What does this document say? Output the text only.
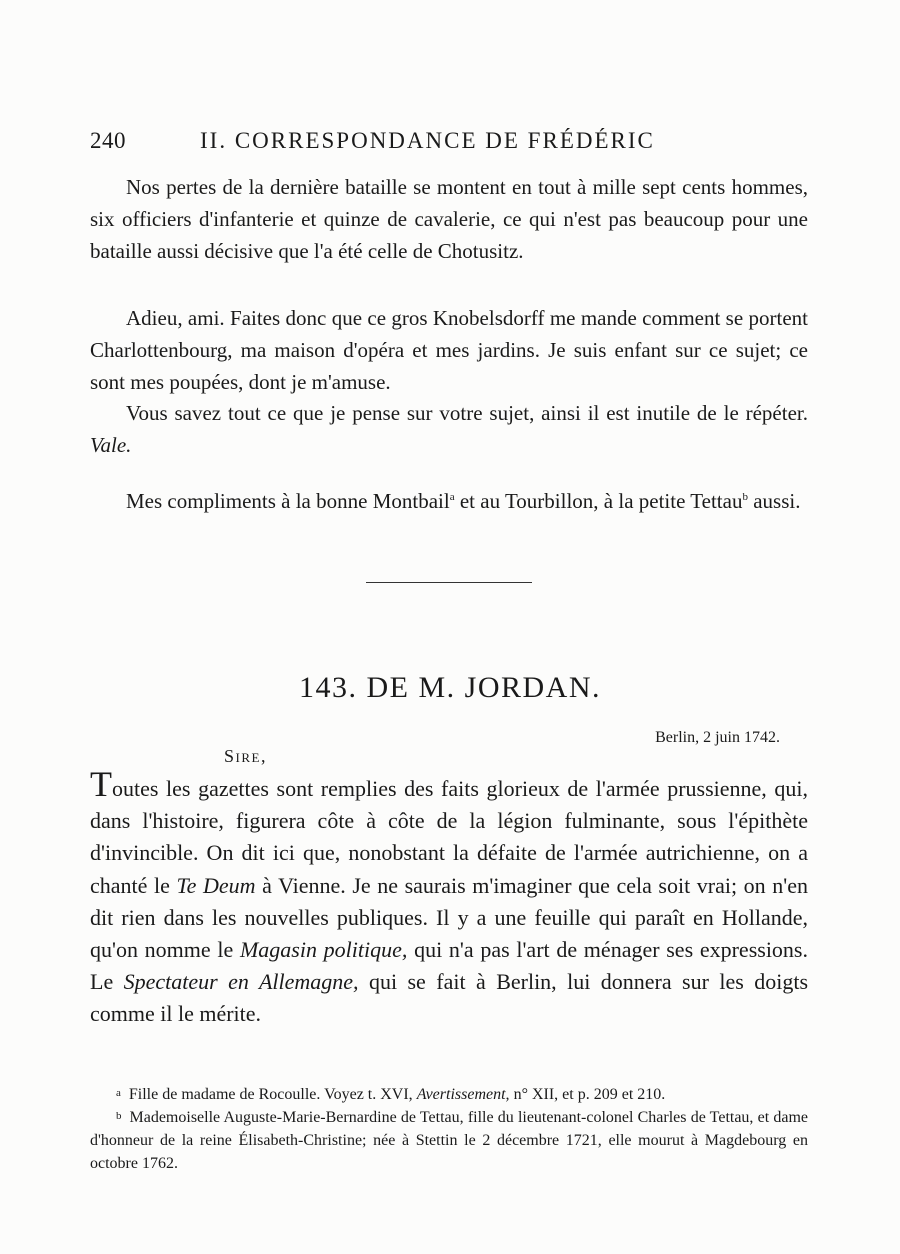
240	II. CORRESPONDANCE DE FRÉDÉRIC

Nos pertes de la dernière bataille se montent en tout à mille sept cents hommes, six officiers d'infanterie et quinze de cavalerie, ce qui n'est pas beaucoup pour une bataille aussi décisive que l'a été celle de Chotusitz.

Adieu, ami. Faites donc que ce gros Knobelsdorff me mande comment se portent Charlottenbourg, ma maison d'opéra et mes jardins. Je suis enfant sur ce sujet; ce sont mes poupées, dont je m'amuse.

Vous savez tout ce que je pense sur votre sujet, ainsi il est inutile de le répéter. Vale.

Mes compliments à la bonne Montbail$^a$ et au Tourbillon, à la petite Tettau$^b$ aussi.

143. DE M. JORDAN.
Berlin, 2 juin 1742.
Sire,

Toutes les gazettes sont remplies des faits glorieux de l'armée prussienne, qui, dans l'histoire, figurera côte à côte de la légion fulminante, sous l'épithète d'invincible. On dit ici que, nonobstant la défaite de l'armée autrichienne, on a chanté le Te Deum à Vienne. Je ne saurais m'imaginer que cela soit vrai; on n'en dit rien dans les nouvelles publiques. Il y a une feuille qui paraît en Hollande, qu'on nomme le Magasin politique, qui n'a pas l'art de ménager ses expressions. Le Spectateur en Allemagne, qui se fait à Berlin, lui donnera sur les doigts comme il le mérite.

a Fille de madame de Rocoulle. Voyez t. XVI, Avertissement, n° XII, et p. 209 et 210.

b Mademoiselle Auguste-Marie-Bernardine de Tettau, fille du lieutenant-colonel Charles de Tettau, et dame d'honneur de la reine Élisabeth-Christine; née à Stettin le 2 décembre 1721, elle mourut à Magdebourg en octobre 1762.
